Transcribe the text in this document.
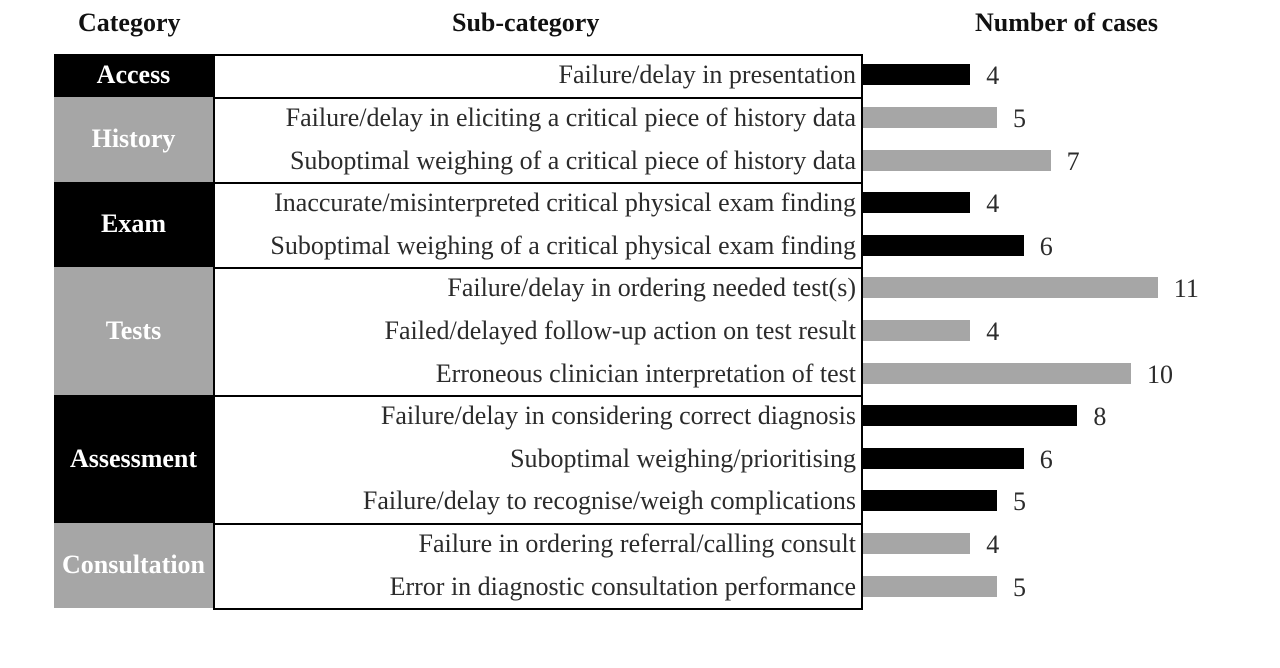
Category	Sub-category	Number of cases
Access	Failure/delay in presentation	4
History
Failure/delay in eliciting a critical piece of history data	5
Suboptimal weighing of a critical piece of history data	7
Exam
Inaccurate/misinterpreted critical physical exam finding	4
Suboptimal weighing of a critical physical exam finding	6
Tests
Failure/delay in ordering needed test(s)	11
Failed/delayed follow-up action on test result	4
Erroneous clinician interpretation of test	10
Assessment
Failure/delay in considering correct diagnosis	8
Suboptimal weighing/prioritising	6
Failure/delay to recognise/weigh complications	5
Consultation
Failure in ordering referral/calling consult	4
Error in diagnostic consultation performance	5
